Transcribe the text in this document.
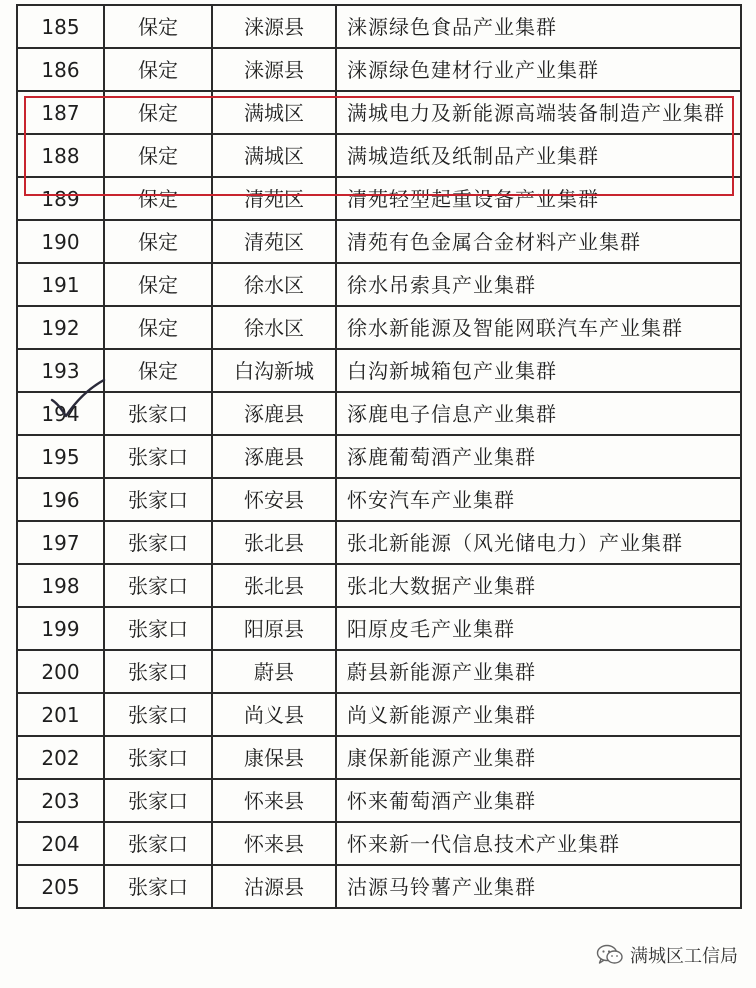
185	保定	涞源县	涞源绿色食品产业集群
186	保定	涞源县	涞源绿色建材行业产业集群
187	保定	满城区	满城电力及新能源高端装备制造产业集群
188	保定	满城区	满城造纸及纸制品产业集群
189	保定	清苑区	清苑轻型起重设备产业集群
190	保定	清苑区	清苑有色金属合金材料产业集群
191	保定	徐水区	徐水吊索具产业集群
192	保定	徐水区	徐水新能源及智能网联汽车产业集群
193	保定	白沟新城	白沟新城箱包产业集群
194	张家口	涿鹿县	涿鹿电子信息产业集群
195	张家口	涿鹿县	涿鹿葡萄酒产业集群
196	张家口	怀安县	怀安汽车产业集群
197	张家口	张北县	张北新能源（风光储电力）产业集群
198	张家口	张北县	张北大数据产业集群
199	张家口	阳原县	阳原皮毛产业集群
200	张家口	蔚县	蔚县新能源产业集群
201	张家口	尚义县	尚义新能源产业集群
202	张家口	康保县	康保新能源产业集群
203	张家口	怀来县	怀来葡萄酒产业集群
204	张家口	怀来县	怀来新一代信息技术产业集群
205	张家口	沽源县	沽源马铃薯产业集群
满城区工信局
